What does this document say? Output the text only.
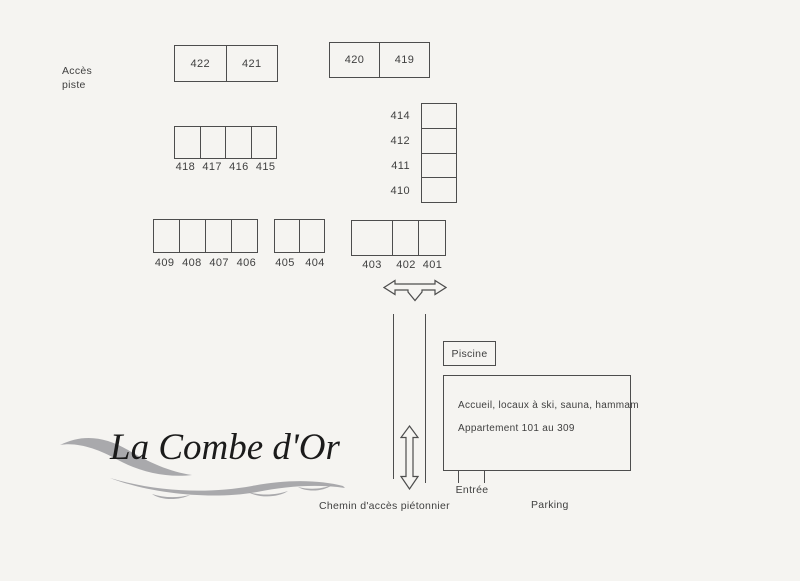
Accès
piste
422	421	420	419
418 417 416 415
414
412
411
410
409 408 407 406	405 404	403	402 401
Piscine
Accueil, locaux à ski, sauna, hammam
Appartement 101 au 309
Entrée
Parking
Chemin d'accès piétonnier
La Combe d'Or
